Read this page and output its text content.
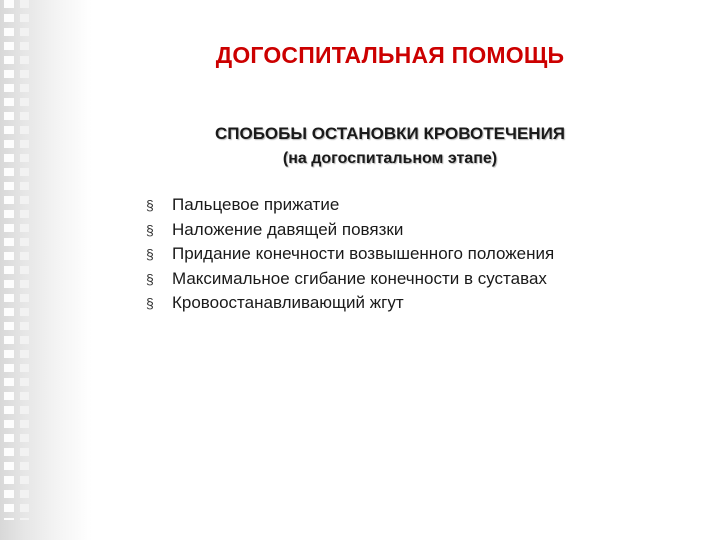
ДОГОСПИТАЛЬНАЯ ПОМОЩЬ
СПОБОБЫ ОСТАНОВКИ КРОВОТЕЧЕНИЯ
(на догоспитальном этапе)
§ Пальцевое прижатие
§ Наложение давящей повязки
§ Придание конечности возвышенного положения
§ Максимальное сгибание конечности в суставах
§ Кровоостанавливающий жгут
